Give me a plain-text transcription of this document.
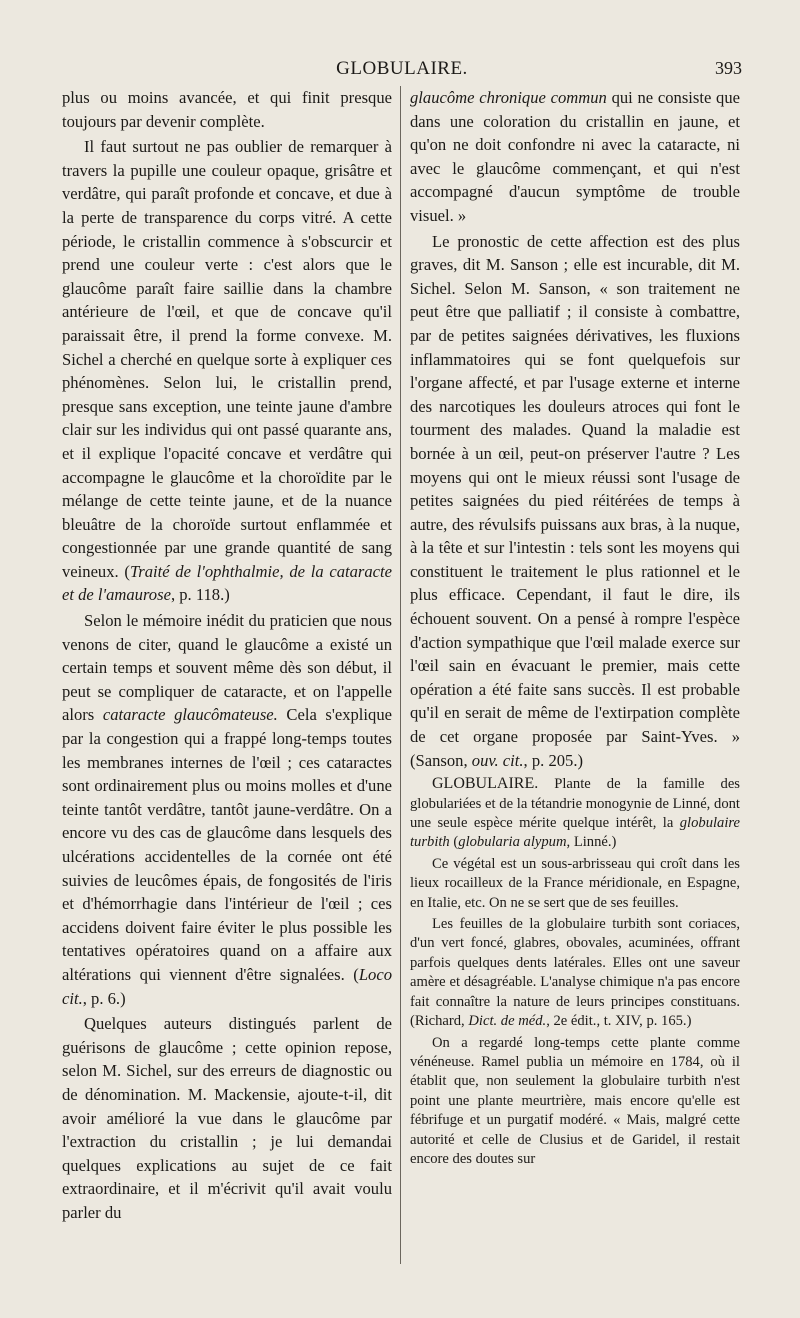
GLOBULAIRE.	393

plus ou moins avancée, et qui finit presque toujours par devenir complète.

Il faut surtout ne pas oublier de remarquer à travers la pupille une couleur opaque, grisâtre et verdâtre, qui paraît profonde et concave, et due à la perte de transparence du corps vitré. A cette période, le cristallin commence à s'obscurcir et prend une couleur verte : c'est alors que le glaucôme paraît faire saillie dans la chambre antérieure de l'œil, et que de concave qu'il paraissait être, il prend la forme convexe. M. Sichel a cherché en quelque sorte à expliquer ces phénomènes. Selon lui, le cristallin prend, presque sans exception, une teinte jaune d'ambre clair sur les individus qui ont passé quarante ans, et il explique l'opacité concave et verdâtre qui accompagne le glaucôme et la choroïdite par le mélange de cette teinte jaune, et de la nuance bleuâtre de la choroïde surtout enflammée et congestionnée par une grande quantité de sang veineux. (Traité de l'ophthalmie, de la cataracte et de l'amaurose, p. 118.)

Selon le mémoire inédit du praticien que nous venons de citer, quand le glaucôme a existé un certain temps et souvent même dès son début, il peut se compliquer de cataracte, et on l'appelle alors cataracte glaucômateuse. Cela s'explique par la congestion qui a frappé long-temps toutes les membranes internes de l'œil ; ces cataractes sont ordinairement plus ou moins molles et d'une teinte tantôt verdâtre, tantôt jaune-verdâtre. On a encore vu des cas de glaucôme dans lesquels des ulcérations accidentelles de la cornée ont été suivies de leucômes épais, de fongosités de l'iris et d'hémorrhagie dans l'intérieur de l'œil ; ces accidens doivent faire éviter le plus possible les tentatives opératoires quand on a affaire aux altérations qui viennent d'être signalées. (Loco cit., p. 6.)

Quelques auteurs distingués parlent de guérisons de glaucôme ; cette opinion repose, selon M. Sichel, sur des erreurs de diagnostic ou de dénomination. M. Mackensie, ajoute-t-il, dit avoir amélioré la vue dans le glaucôme par l'extraction du cristallin ; je lui demandai quelques explications au sujet de ce fait extraordinaire, et il m'écrivit qu'il avait voulu parler du

glaucôme chronique commun qui ne consiste que dans une coloration du cristallin en jaune, et qu'on ne doit confondre ni avec la cataracte, ni avec le glaucôme commençant, et qui n'est accompagné d'aucun symptôme de trouble visuel. »

Le pronostic de cette affection est des plus graves, dit M. Sanson ; elle est incurable, dit M. Sichel. Selon M. Sanson, « son traitement ne peut être que palliatif ; il consiste à combattre, par de petites saignées dérivatives, les fluxions inflammatoires qui se font quelquefois sur l'organe affecté, et par l'usage externe et interne des narcotiques les douleurs atroces qui font le tourment des malades. Quand la maladie est bornée à un œil, peut-on préserver l'autre ? Les moyens qui ont le mieux réussi sont l'usage de petites saignées du pied réitérées de temps à autre, des révulsifs puissans aux bras, à la nuque, à la tête et sur l'intestin : tels sont les moyens qui constituent le traitement le plus rationnel et le plus efficace. Cependant, il faut le dire, ils échouent souvent. On a pensé à rompre l'espèce d'action sympathique que l'œil malade exerce sur l'œil sain en évacuant le premier, mais cette opération a été faite sans succès. Il est probable qu'il en serait de même de l'extirpation complète de cet organe proposée par Saint-Yves. » (Sanson, ouv. cit., p. 205.)

GLOBULAIRE. Plante de la famille des globulariées et de la tétandrie monogynie de Linné, dont une seule espèce mérite quelque intérêt, la globulaire turbith (globularia alypum, Linné.)

Ce végétal est un sous-arbrisseau qui croît dans les lieux rocailleux de la France méridionale, en Espagne, en Italie, etc. On ne se sert que de ses feuilles.

Les feuilles de la globulaire turbith sont coriaces, d'un vert foncé, glabres, obovales, acuminées, offrant parfois quelques dents latérales. Elles ont une saveur amère et désagréable. L'analyse chimique n'a pas encore fait connaître la nature de leurs principes constituans. (Richard, Dict. de méd., 2e édit., t. XIV, p. 165.)

On a regardé long-temps cette plante comme vénéneuse. Ramel publia un mémoire en 1784, où il établit que, non seulement la globulaire turbith n'est point une plante meurtrière, mais encore qu'elle est fébrifuge et un purgatif modéré. « Mais, malgré cette autorité et celle de Clusius et de Garidel, il restait encore des doutes sur
